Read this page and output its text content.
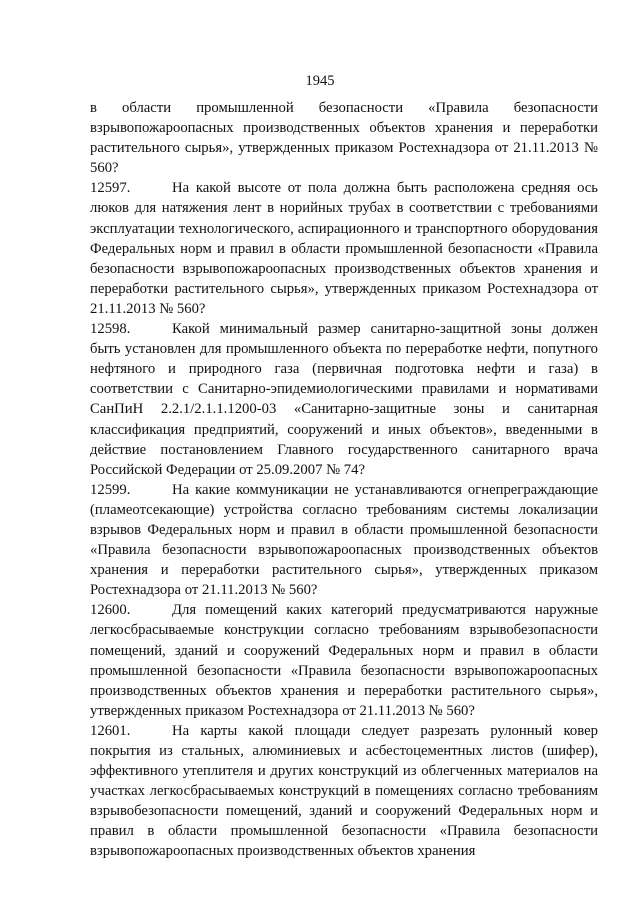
1945

в области промышленной безопасности «Правила безопасности взрывопожароопасных производственных объектов хранения и переработки растительного сырья», утвержденных приказом Ростехнадзора от 21.11.2013 № 560?

12597.	На какой высоте от пола должна быть расположена средняя ось люков для натяжения лент в норийных трубах в соответствии с требованиями эксплуатации технологического, аспирационного и транспортного оборудования Федеральных норм и правил в области промышленной безопасности «Правила безопасности взрывопожароопасных производственных объектов хранения и переработки растительного сырья», утвержденных приказом Ростехнадзора от 21.11.2013 № 560?

12598.	Какой минимальный размер санитарно-защитной зоны должен быть установлен для промышленного объекта по переработке нефти, попутного нефтяного и природного газа (первичная подготовка нефти и газа) в соответствии с Санитарно-эпидемиологическими правилами и нормативами СанПиН 2.2.1/2.1.1.1200-03 «Санитарно-защитные зоны и санитарная классификация предприятий, сооружений и иных объектов», введенными в действие постановлением Главного государственного санитарного врача Российской Федерации от 25.09.2007 № 74?

12599.	На какие коммуникации не устанавливаются огнепреграждающие (пламеотсекающие) устройства согласно требованиям системы локализации взрывов Федеральных норм и правил в области промышленной безопасности «Правила безопасности взрывопожароопасных производственных объектов хранения и переработки растительного сырья», утвержденных приказом Ростехнадзора от 21.11.2013 № 560?

12600.	Для помещений каких категорий предусматриваются наружные легкосбрасываемые конструкции согласно требованиям взрывобезопасности помещений, зданий и сооружений Федеральных норм и правил в области промышленной безопасности «Правила безопасности взрывопожароопасных производственных объектов хранения и переработки растительного сырья», утвержденных приказом Ростехнадзора от 21.11.2013 № 560?

12601.	На карты какой площади следует разрезать рулонный ковер покрытия из стальных, алюминиевых и асбестоцементных листов (шифер), эффективного утеплителя и других конструкций из облегченных материалов на участках легкосбрасываемых конструкций в помещениях согласно требованиям взрывобезопасности помещений, зданий и сооружений Федеральных норм и правил в области промышленной безопасности «Правила безопасности взрывопожароопасных производственных объектов хранения
